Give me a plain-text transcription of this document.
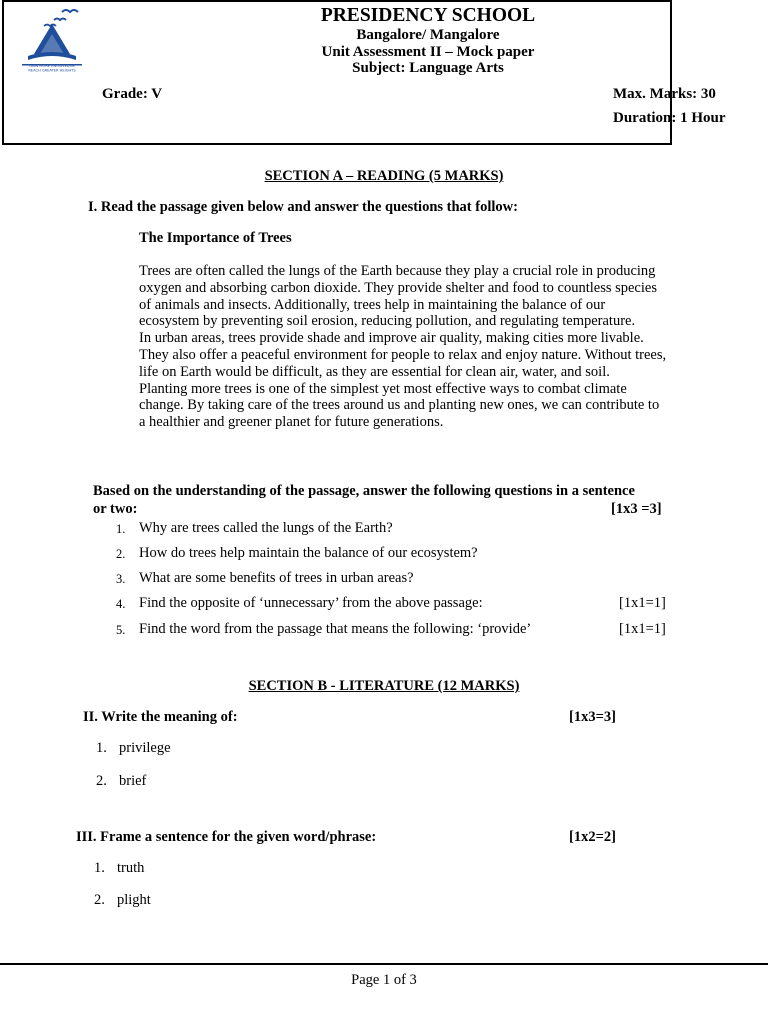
GAIN MORE KNOWLEDGE
REACH GREATER HEIGHTS
PRESIDENCY SCHOOL
Bangalore/ Mangalore
Unit Assessment II – Mock paper
Subject: Language Arts
Grade: V	Max. Marks: 30
Duration: 1 Hour
SECTION A – READING (5 MARKS)
I. Read the passage given below and answer the questions that follow:
The Importance of Trees

Trees are often called the lungs of the Earth because they play a crucial role in producing oxygen and absorbing carbon dioxide. They provide shelter and food to countless species of animals and insects. Additionally, trees help in maintaining the balance of our ecosystem by preventing soil erosion, reducing pollution, and regulating temperature.

In urban areas, trees provide shade and improve air quality, making cities more livable. They also offer a peaceful environment for people to relax and enjoy nature. Without trees, life on Earth would be difficult, as they are essential for clean air, water, and soil.

Planting more trees is one of the simplest yet most effective ways to combat climate change. By taking care of the trees around us and planting new ones, we can contribute to a healthier and greener planet for future generations.

Based on the understanding of the passage, answer the following questions in a sentence
or two:	[1x3 =3]
1. Why are trees called the lungs of the Earth?
2. How do trees help maintain the balance of our ecosystem?
3. What are some benefits of trees in urban areas?
4. Find the opposite of ‘unnecessary’ from the above passage:	[1x1=1]
5. Find the word from the passage that means the following: ‘provide’	[1x1=1]
SECTION B - LITERATURE (12 MARKS)
II. Write the meaning of:	[1x3=3]
1. privilege
2. brief
III. Frame a sentence for the given word/phrase:	[1x2=2]
1. truth
2. plight
Page 1 of 3
